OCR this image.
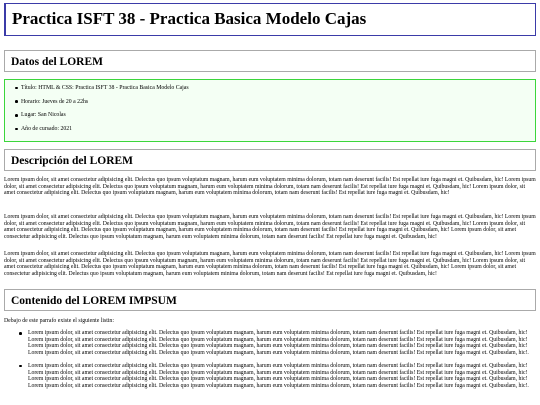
Practica ISFT 38 - Practica Basica Modelo Cajas
Datos del LOREM
Título: HTML & CSS: Practica ISFT 38 - Practica Basica Modelo Cajas
Horario: Jueves de 20 a 22hs
Lugar: San Nicolas
Año de cursado: 2021
Descripción del LOREM

Lorem ipsum dolor, sit amet consectetur adipisicing elit. Delectus quo ipsum voluptatum magnam, harum eum voluptatem minima dolorum, totam nam deserunt facilis! Est repellat iure fuga magni et. Quibusdam, hic! Lorem ipsum dolor, sit amet consectetur adipisicing elit. Delectus quo ipsum voluptatum magnam, harum eum voluptatem minima dolorum, totam nam deserunt facilis! Est repellat iure fuga magni et. Quibusdam, hic! Lorem ipsum dolor, sit amet consectetur adipisicing elit. Delectus quo ipsum voluptatum magnam, harum eum voluptatem minima dolorum, totam nam deserunt facilis! Est repellat iure fuga magni et. Quibusdam, hic!

Lorem ipsum dolor, sit amet consectetur adipisicing elit. Delectus quo ipsum voluptatum magnam, harum eum voluptatem minima dolorum, totam nam deserunt facilis! Est repellat iure fuga magni et. Quibusdam, hic! Lorem ipsum dolor, sit amet consectetur adipisicing elit. Delectus quo ipsum voluptatum magnam, harum eum voluptatem minima dolorum, totam nam deserunt facilis! Est repellat iure fuga magni et. Quibusdam, hic! Lorem ipsum dolor, sit amet consectetur adipisicing elit. Delectus quo ipsum voluptatum magnam, harum eum voluptatem minima dolorum, totam nam deserunt facilis! Est repellat iure fuga magni et. Quibusdam, hic! Lorem ipsum dolor, sit amet consectetur adipisicing elit. Delectus quo ipsum voluptatum magnam, harum eum voluptatem minima dolorum, totam nam deserunt facilis! Est repellat iure fuga magni et. Quibusdam, hic!

Lorem ipsum dolor, sit amet consectetur adipisicing elit. Delectus quo ipsum voluptatum magnam, harum eum voluptatem minima dolorum, totam nam deserunt facilis! Est repellat iure fuga magni et. Quibusdam, hic! Lorem ipsum dolor, sit amet consectetur adipisicing elit. Delectus quo ipsum voluptatum magnam, harum eum voluptatem minima dolorum, totam nam deserunt facilis! Est repellat iure fuga magni et. Quibusdam, hic! Lorem ipsum dolor, sit amet consectetur adipisicing elit. Delectus quo ipsum voluptatum magnam, harum eum voluptatem minima dolorum, totam nam deserunt facilis! Est repellat iure fuga magni et. Quibusdam, hic! Lorem ipsum dolor, sit amet consectetur adipisicing elit. Delectus quo ipsum voluptatum magnam, harum eum voluptatem minima dolorum, totam nam deserunt facilis! Est repellat iure fuga magni et. Quibusdam, hic!

Contenido del LOREM IMPSUM

Debajo de este parrafo existe el siguiente listin:

Lorem ipsum dolor, sit amet consectetur adipisicing elit. Delectus quo ipsum voluptatum magnam, harum eum voluptatem minima dolorum, totam nam deserunt facilis! Est repellat iure fuga magni et. Quibusdam, hic! Lorem ipsum dolor, sit amet consectetur adipisicing elit. Delectus quo ipsum voluptatum magnam, harum eum voluptatem minima dolorum, totam nam deserunt facilis! Est repellat iure fuga magni et. Quibusdam, hic! Lorem ipsum dolor, sit amet consectetur adipisicing elit. Delectus quo ipsum voluptatum magnam, harum eum voluptatem minima dolorum, totam nam deserunt facilis! Est repellat iure fuga magni et. Quibusdam, hic! Lorem ipsum dolor, sit amet consectetur adipisicing elit. Delectus quo ipsum voluptatum magnam, harum eum voluptatem minima dolorum, totam nam deserunt facilis! Est repellat iure fuga magni et. Quibusdam, hic!.
Lorem ipsum dolor, sit amet consectetur adipisicing elit. Delectus quo ipsum voluptatum magnam, harum eum voluptatem minima dolorum, totam nam deserunt facilis! Est repellat iure fuga magni et. Quibusdam, hic! Lorem ipsum dolor, sit amet consectetur adipisicing elit. Delectus quo ipsum voluptatum magnam, harum eum voluptatem minima dolorum, totam nam deserunt facilis! Est repellat iure fuga magni et. Quibusdam, hic! Lorem ipsum dolor, sit amet consectetur adipisicing elit. Delectus quo ipsum voluptatum magnam, harum eum voluptatem minima dolorum, totam nam deserunt facilis! Est repellat iure fuga magni et. Quibusdam, hic! Lorem ipsum dolor, sit amet consectetur adipisicing elit. Delectus quo ipsum voluptatum magnam, harum eum voluptatem minima dolorum, totam nam deserunt facilis! Est repellat iure fuga magni et. Quibusdam, hic!.
